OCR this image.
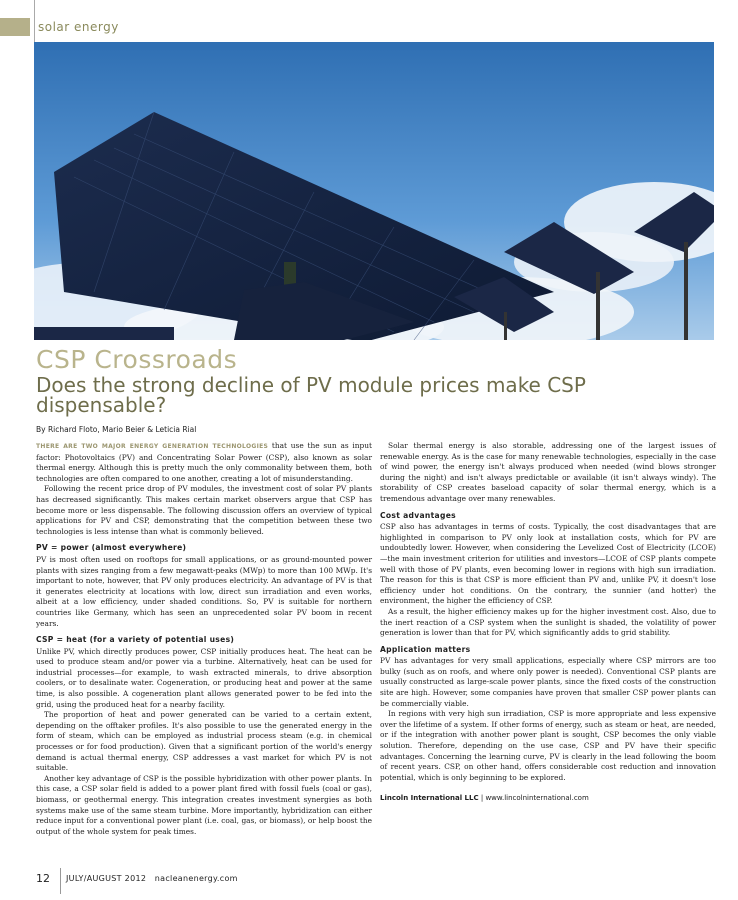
solar energy
CSP Crossroads
Does the strong decline of PV module prices make CSP dispensable?
By Richard Floto, Mario Beier & Leticia Rial

THERE ARE TWO MAJOR ENERGY GENERATION TECHNOLOGIES that use the sun as input factor: Photovoltaics (PV) and Concentrating Solar Power (CSP), also known as solar thermal energy. Although this is pretty much the only commonality between them, both technologies are often compared to one another, creating a lot of misunderstanding.

Following the recent price drop of PV modules, the investment cost of solar PV plants has decreased significantly. This makes certain market observers argue that CSP has become more or less dispensable. The following discussion offers an overview of typical applications for PV and CSP, demonstrating that the competition between these two technologies is less intense than what is commonly believed.

PV = power (almost everywhere)

PV is most often used on rooftops for small applications, or as ground-mounted power plants with sizes ranging from a few megawatt-peaks (MWp) to more than 100 MWp. It's important to note, however, that PV only produces electricity. An advantage of PV is that it generates electricity at locations with low, direct sun irradiation and even works, albeit at a low efficiency, under shaded conditions. So, PV is suitable for northern countries like Germany, which has seen an unprecedented solar PV boom in recent years.

CSP = heat (for a variety of potential uses)

Unlike PV, which directly produces power, CSP initially produces heat. The heat can be used to produce steam and/or power via a turbine. Alternatively, heat can be used for industrial processes—for example, to wash extracted minerals, to drive absorption coolers, or to desalinate water. Cogeneration, or producing heat and power at the same time, is also possible. A cogeneration plant allows generated power to be fed into the grid, using the produced heat for a nearby facility.

The proportion of heat and power generated can be varied to a certain extent, depending on the offtaker profiles. It's also possible to use the generated energy in the form of steam, which can be employed as industrial process steam (e.g. in chemical processes or for food production). Given that a significant portion of the world's energy demand is actual thermal energy, CSP addresses a vast market for which PV is not suitable.

Another key advantage of CSP is the possible hybridization with other power plants. In this case, a CSP solar field is added to a power plant fired with fossil fuels (coal or gas), biomass, or geothermal energy. This integration creates investment synergies as both systems make use of the same steam turbine. More importantly, hybridization can either reduce input for a conventional power plant (i.e. coal, gas, or biomass), or help boost the output of the whole system for peak times.

Solar thermal energy is also storable, addressing one of the largest issues of renewable energy. As is the case for many renewable technologies, especially in the case of wind power, the energy isn't always produced when needed (wind blows stronger during the night) and isn't always predictable or available (it isn't always windy). The storability of CSP creates baseload capacity of solar thermal energy, which is a tremendous advantage over many renewables.

Cost advantages

CSP also has advantages in terms of costs. Typically, the cost disadvantages that are highlighted in comparison to PV only look at installation costs, which for PV are undoubtedly lower. However, when considering the Levelized Cost of Electricity (LCOE)—the main investment criterion for utilities and investors—LCOE of CSP plants compete well with those of PV plants, even becoming lower in regions with high sun irradiation. The reason for this is that CSP is more efficient than PV and, unlike PV, it doesn't lose efficiency under hot conditions. On the contrary, the sunnier (and hotter) the environment, the higher the efficiency of CSP.

As a result, the higher efficiency makes up for the higher investment cost. Also, due to the inert reaction of a CSP system when the sunlight is shaded, the volatility of power generation is lower than that for PV, which significantly adds to grid stability.

Application matters

PV has advantages for very small applications, especially where CSP mirrors are too bulky (such as on roofs, and where only power is needed). Conventional CSP plants are usually constructed as large-scale power plants, since the fixed costs of the construction site are high. However, some companies have proven that smaller CSP power plants can be commercially viable.

In regions with very high sun irradiation, CSP is more appropriate and less expensive over the lifetime of a system. If other forms of energy, such as steam or heat, are needed, or if the integration with another power plant is sought, CSP becomes the only viable solution. Therefore, depending on the use case, CSP and PV have their specific advantages. Concerning the learning curve, PV is clearly in the lead following the boom of recent years. CSP, on other hand, offers considerable cost reduction and innovation potential, which is only beginning to be explored.

Lincoln International LLC | www.lincolninternational.com
12 JULY/AUGUST 2012 nacleanenergy.com
